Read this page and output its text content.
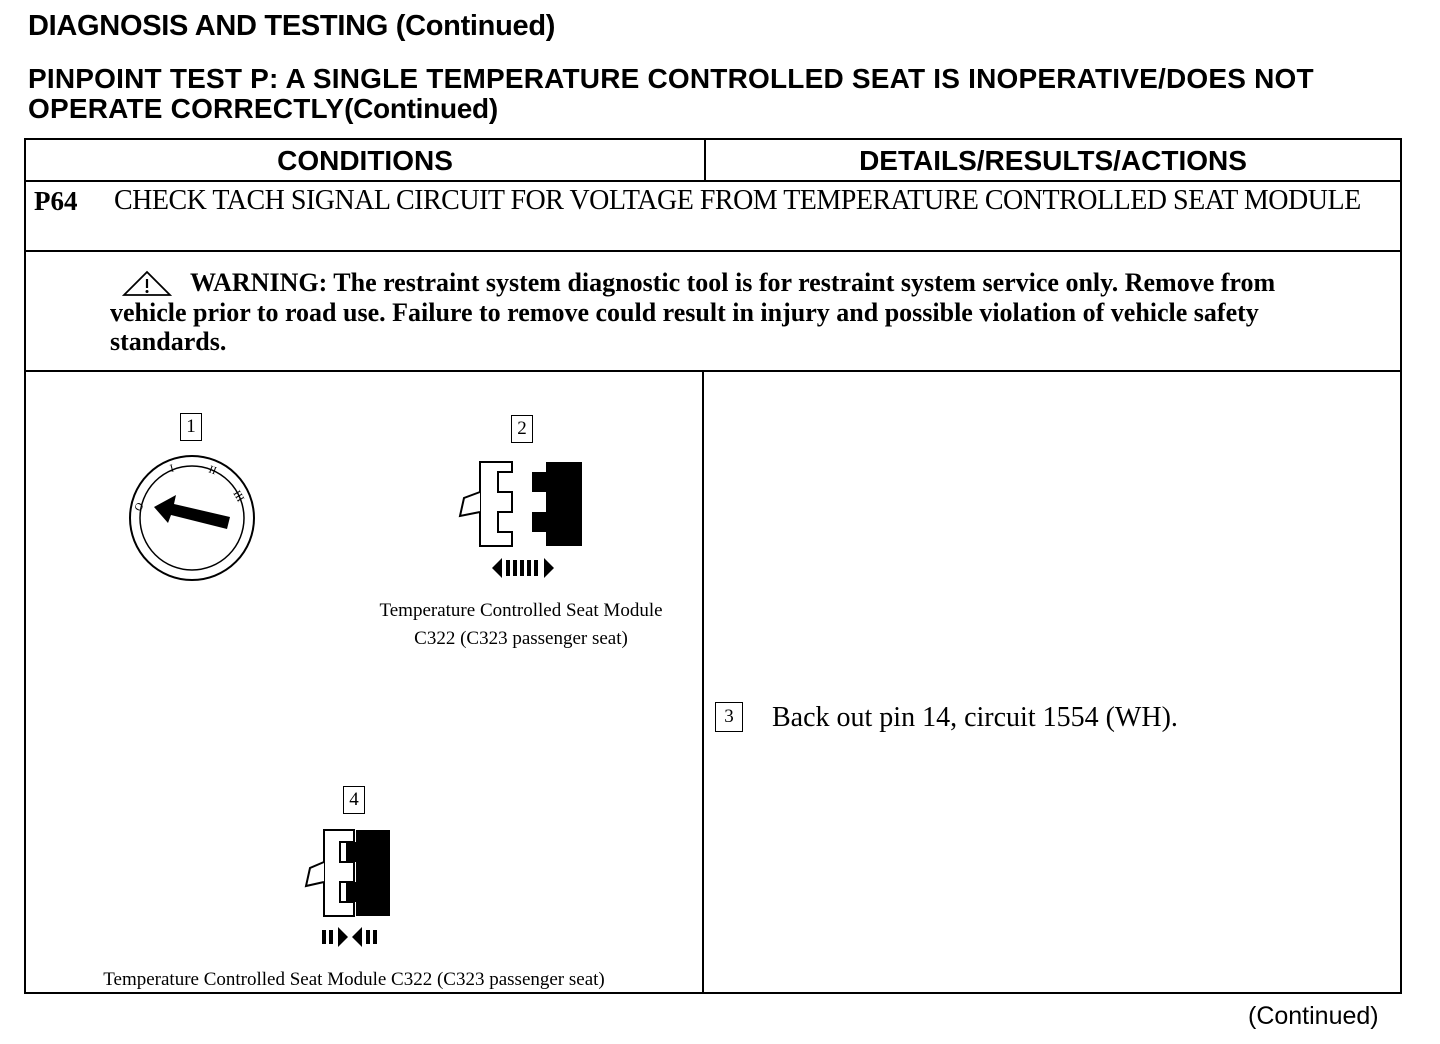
DIAGNOSIS AND TESTING (Continued)
PINPOINT TEST P: A SINGLE TEMPERATURE CONTROLLED SEAT IS INOPERATIVE/DOES NOT OPERATE CORRECTLY(Continued)
CONDITIONS	DETAILS/RESULTS/ACTIONS
P64 CHECK TACH SIGNAL CIRCUIT FOR VOLTAGE FROM TEMPERATURE CONTROLLED SEAT MODULE
WARNING: The restraint system diagnostic tool is for restraint system service only. Remove from vehicle prior to road use. Failure to remove could result in injury and possible violation of vehicle safety standards.
1
O
I	II
III
2
Temperature Controlled Seat Module
C322 (C323 passenger seat)
4
Temperature Controlled Seat Module C322 (C323 passenger seat)
3	Back out pin 14, circuit 1554 (WH).
(Continued)
